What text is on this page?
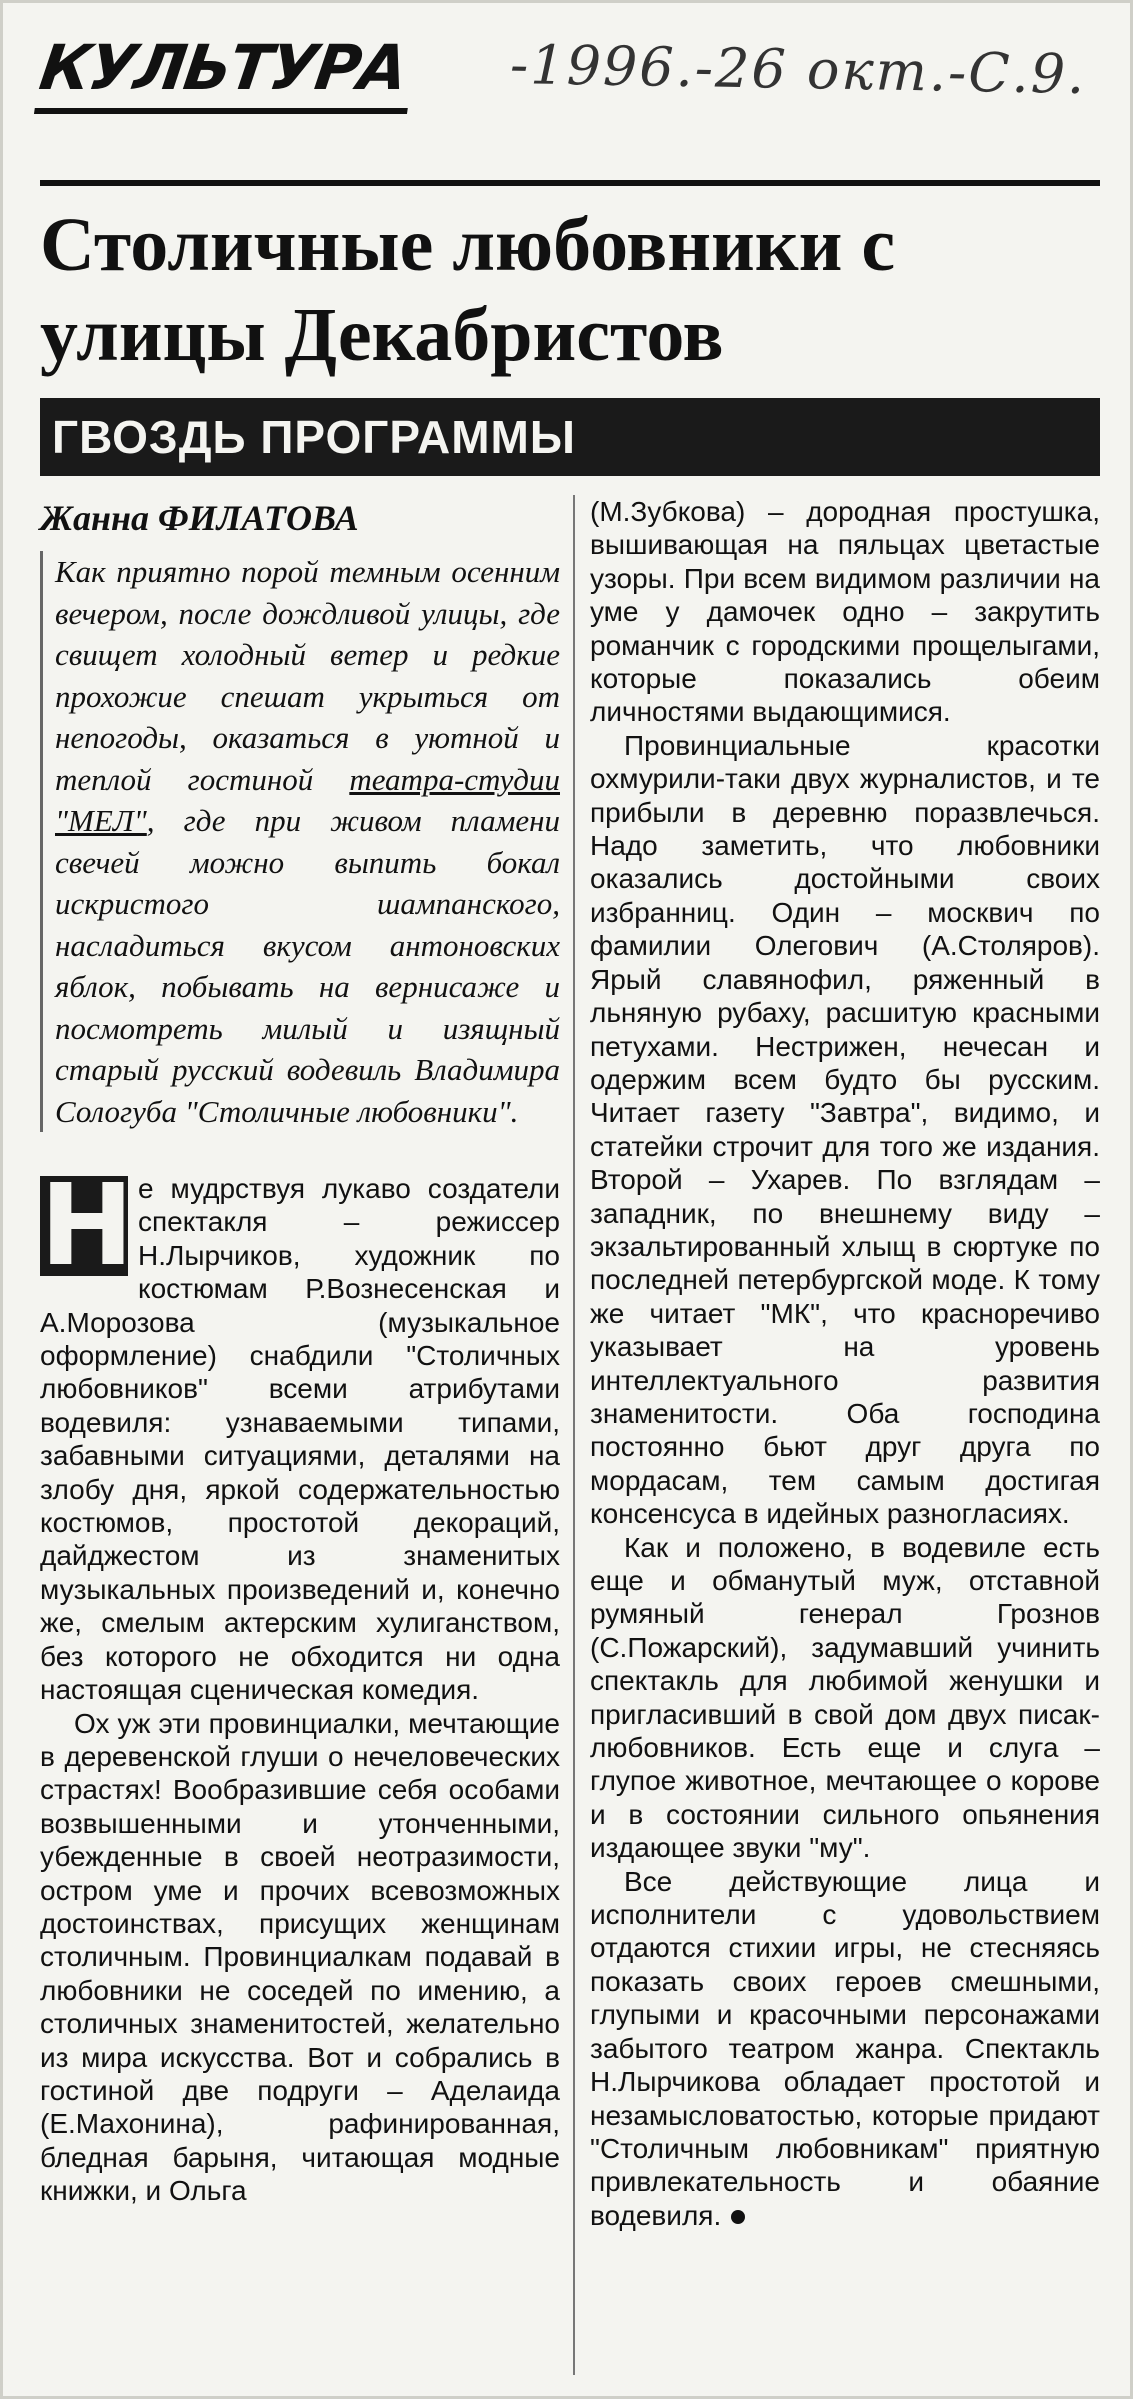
КУЛЬТУРА -1996.-26 окт.-С.9.
Столичные любовники с улицы Декабристов
ГВОЗДЬ ПРОГРАММЫ

Жанна ФИЛАТОВА

Как приятно порой темным осенним вечером, после дождливой улицы, где свищет холодный ветер и редкие прохожие спешат укрыться от непогоды, оказаться в уютной и теплой гостиной театра-студии "МЕЛ", где при живом пламени свечей можно выпить бокал искристого шампанского, насладиться вкусом антоновских яблок, побывать на вернисаже и посмотреть милый и изящный старый русский водевиль Владимира Сологуба "Столичные любовники".

Н е мудрствуя лукаво создатели спектакля – режиссер Н.Лырчиков, художник по костюмам Р.Вознесенская и А.Морозова (музыкальное оформление) снабдили "Столичных любовников" всеми атрибутами водевиля: узнаваемыми типами, забавными ситуациями, деталями на злобу дня, яркой содержательностью костюмов, простотой декораций, дайджестом из знаменитых музыкальных произведений и, конечно же, смелым актерским хулиганством, без которого не обходится ни одна настоящая сценическая комедия.

Ох уж эти провинциалки, мечтающие в деревенской глуши о нечеловеческих страстях! Вообразившие себя особами возвышенными и утонченными, убежденные в своей неотразимости, остром уме и прочих всевозможных достоинствах, присущих женщинам столичным. Провинциалкам подавай в любовники не соседей по имению, а столичных знаменитостей, желательно из мира искусства. Вот и собрались в гостиной две подруги – Аделаида (Е.Махонина), рафинированная, бледная барыня, читающая модные книжки, и Ольга

(М.Зубкова) – дородная простушка, вышивающая на пяльцах цветастые узоры. При всем видимом различии на уме у дамочек одно – закрутить романчик с городскими прощелыгами, которые показались обеим личностями выдающимися.

Провинциальные красотки охмурили-таки двух журналистов, и те прибыли в деревню поразвлечься. Надо заметить, что любовники оказались достойными своих избранниц. Один – москвич по фамилии Олегович (А.Столяров). Ярый славянофил, ряженный в льняную рубаху, расшитую красными петухами. Нестрижен, нечесан и одержим всем будто бы русским. Читает газету "Завтра", видимо, и статейки строчит для того же издания. Второй – Ухарев. По взглядам – западник, по внешнему виду – экзальтированный хлыщ в сюртуке по последней петербургской моде. К тому же читает "МК", что красноречиво указывает на уровень интеллектуального развития знаменитости. Оба господина постоянно бьют друг друга по мордасам, тем самым достигая консенсуса в идейных разногласиях.

Как и положено, в водевиле есть еще и обманутый муж, отставной румяный генерал Грознов (С.Пожарский), задумавший учинить спектакль для любимой женушки и пригласивший в свой дом двух писак-любовников. Есть еще и слуга – глупое животное, мечтающее о корове и в состоянии сильного опьянения издающее звуки "му".

Все действующие лица и исполнители с удовольствием отдаются стихии игры, не стесняясь показать своих героев смешными, глупыми и красочными персонажами забытого театром жанра. Спектакль Н.Лырчикова обладает простотой и незамысловатостью, которые придают "Столичным любовникам" приятную привлекательность и обаяние водевиля.
